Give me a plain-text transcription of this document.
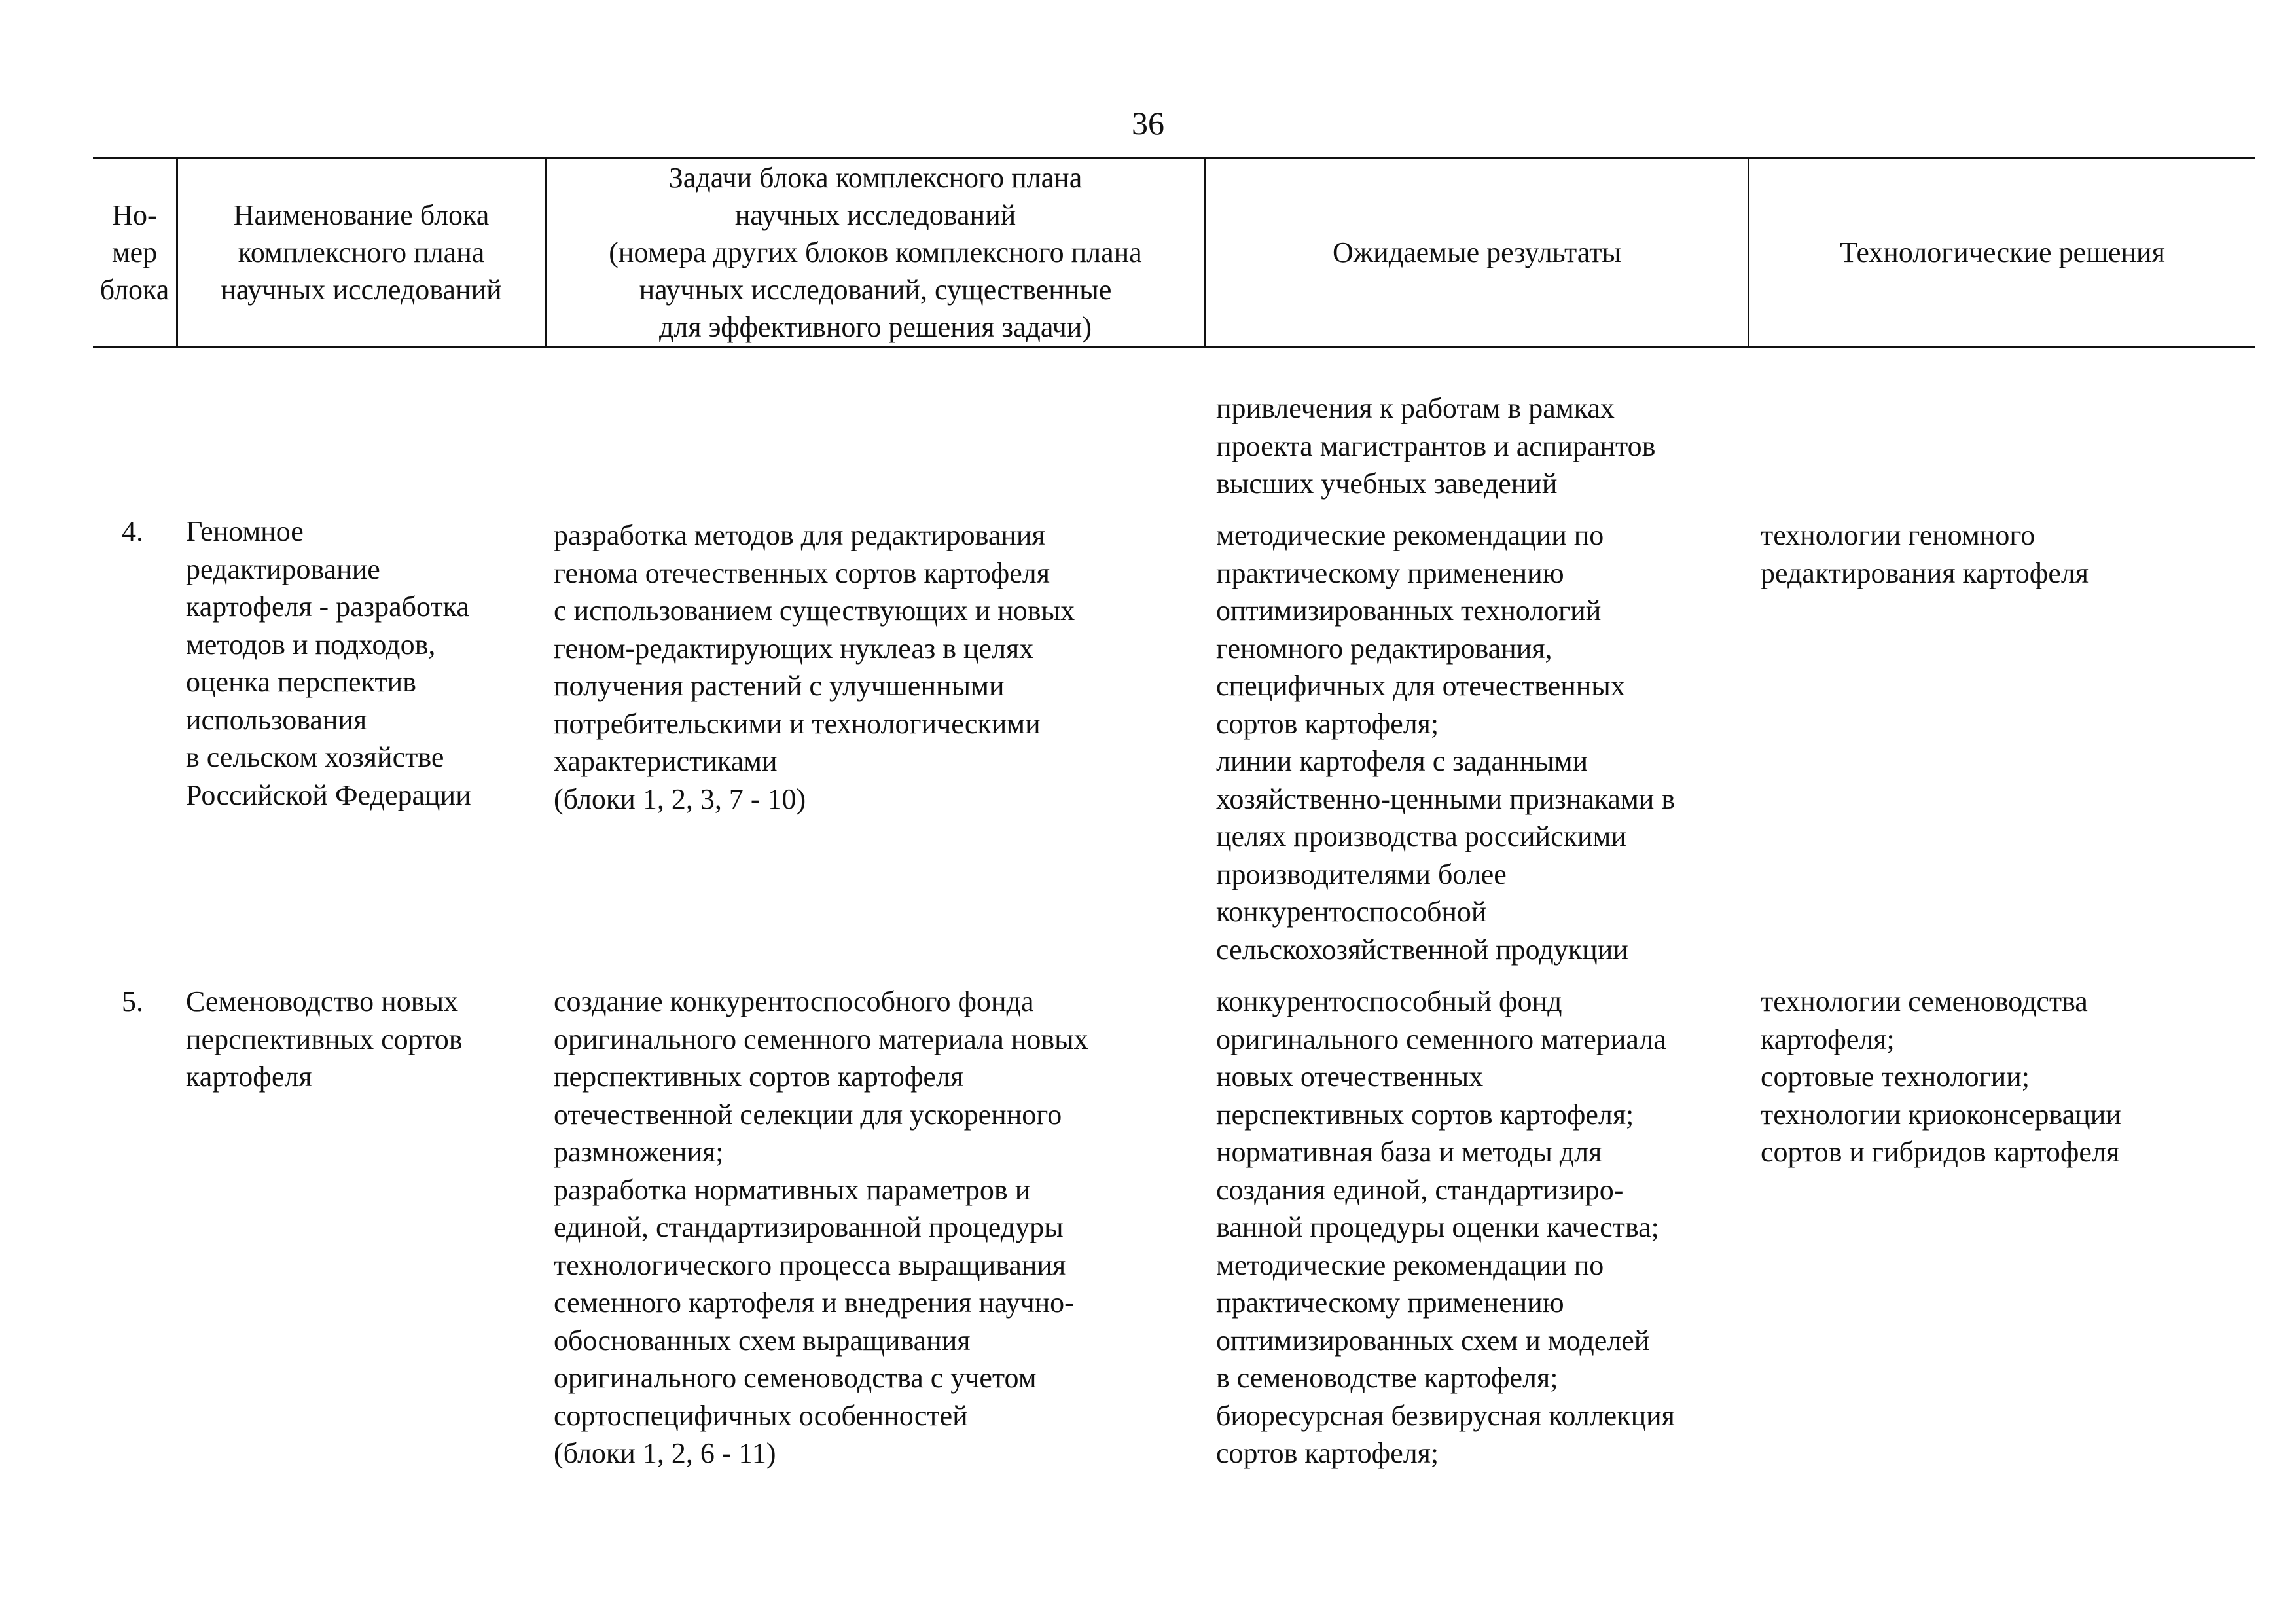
36
Но-
мер
блока
Наименование блока
комплексного плана
научных исследований
Задачи блока комплексного плана
научных исследований
(номера других блоков комплексного плана
научных исследований, существенные
для эффективного решения задачи)
Ожидаемые результаты	Технологические решения
привлечения к работам в рамках
проекта магистрантов и аспирантов
высших учебных заведений
4. Геномное
редактирование
картофеля - разработка
методов и подходов,
оценка перспектив
использования
в сельском хозяйстве
Российской Федерации
разработка методов для редактирования
генома отечественных сортов картофеля
с использованием существующих и новых
геном-редактирующих нуклеаз в целях
получения растений с улучшенными
потребительскими и технологическими
характеристиками
(блоки 1, 2, 3, 7 - 10)
методические рекомендации по
практическому применению
оптимизированных технологий
геномного редактирования,
специфичных для отечественных
сортов картофеля;
линии картофеля с заданными
хозяйственно-ценными признаками в
целях производства российскими
производителями более
конкурентоспособной
сельскохозяйственной продукции
технологии геномного
редактирования картофеля
5. Семеноводство новых
перспективных сортов
картофеля
создание конкурентоспособного фонда
оригинального семенного материала новых
перспективных сортов картофеля
отечественной селекции для ускоренного
размножения;
разработка нормативных параметров и
единой, стандартизированной процедуры
технологического процесса выращивания
семенного картофеля и внедрения научно-
обоснованных схем выращивания
оригинального семеноводства с учетом
сортоспецифичных особенностей
(блоки 1, 2, 6 - 11)
конкурентоспособный фонд
оригинального семенного материала
новых отечественных
перспективных сортов картофеля;
нормативная база и методы для
создания единой, стандартизиро-
ванной процедуры оценки качества;
методические рекомендации по
практическому применению
оптимизированных схем и моделей
в семеноводстве картофеля;
биоресурсная безвирусная коллекция
сортов картофеля;
технологии семеноводства
картофеля;
сортовые технологии;
технологии криоконсервации
сортов и гибридов картофеля
